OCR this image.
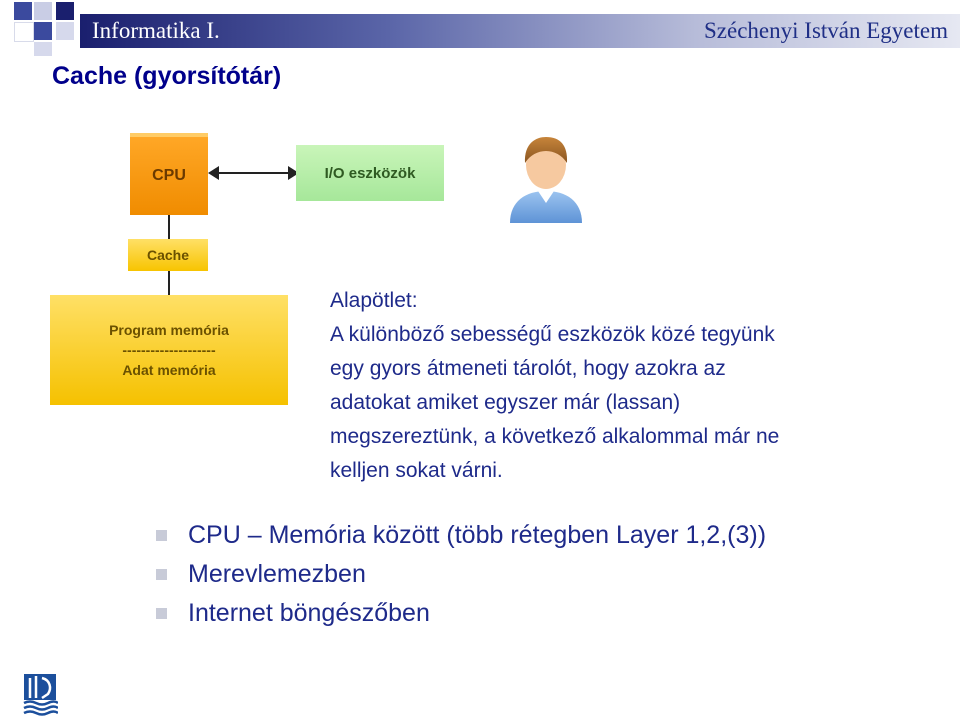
Informatika I.	Széchenyi István Egyetem
Cache (gyorsítótár)
CPU	I/O eszközök
Cache
Program memória
--------------------
Adat memória
Alapötlet:
A különböző sebességű eszközök közé tegyünk
egy gyors átmeneti tárolót, hogy azokra az
adatokat amiket egyszer már (lassan)
megszereztünk, a következő alkalommal már ne
kelljen sokat várni.
CPU – Memória között (több rétegben Layer 1,2,(3))
Merevlemezben
Internet böngészőben
